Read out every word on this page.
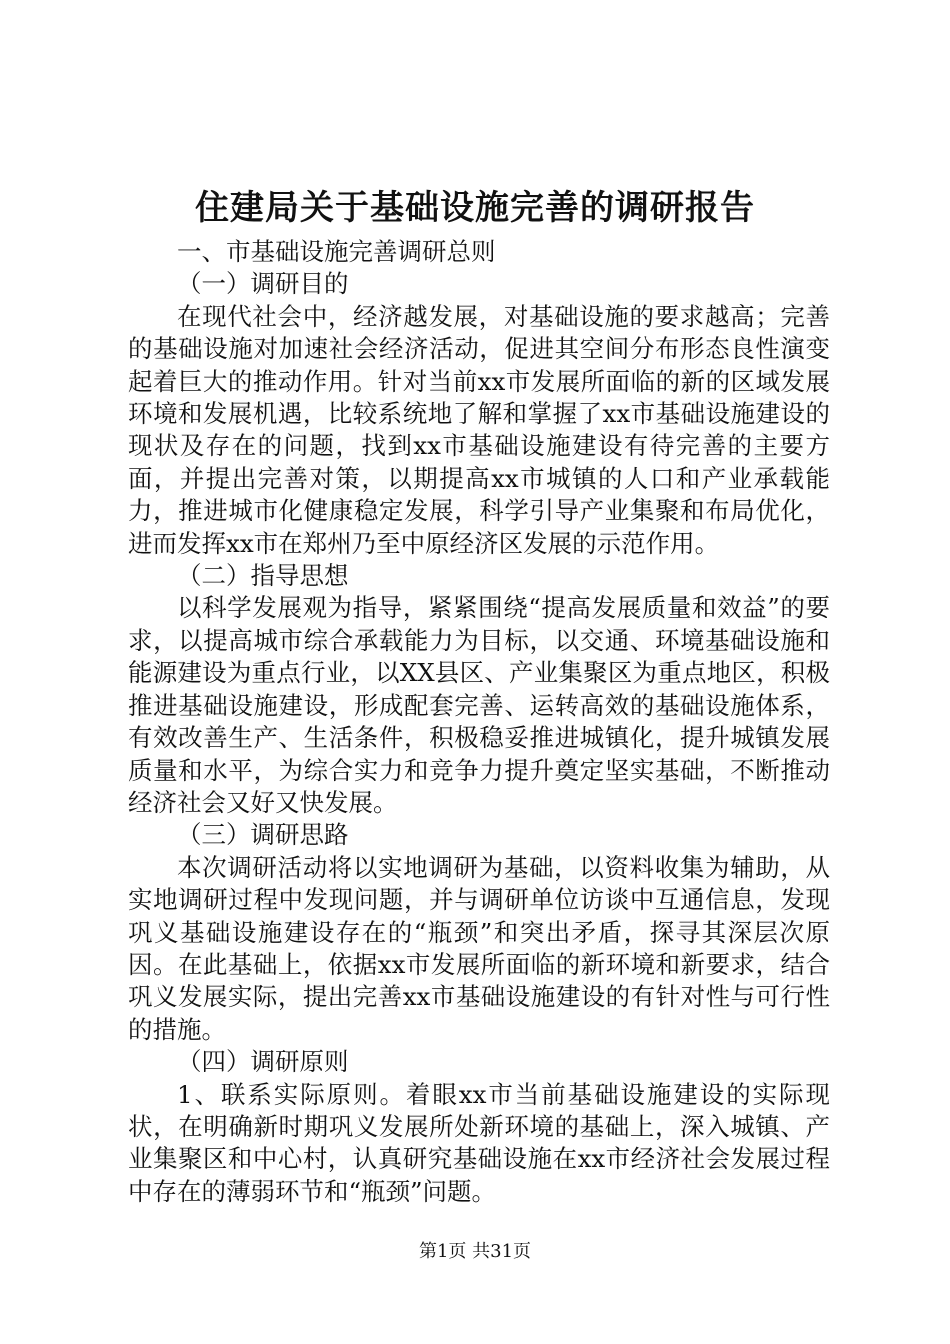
住建局关于基础设施完善的调研报告

一、市基础设施完善调研总则

（一）调研目的

在现代社会中，经济越发展，对基础设施的要求越高；完善的基础设施对加速社会经济活动，促进其空间分布形态良性演变起着巨大的推动作用。针对当前xx市发展所面临的新的区域发展环境和发展机遇，比较系统地了解和掌握了xx市基础设施建设的现状及存在的问题，找到xx市基础设施建设有待完善的主要方面，并提出完善对策，以期提高xx市城镇的人口和产业承载能力，推进城市化健康稳定发展，科学引导产业集聚和布局优化，进而发挥xx市在郑州乃至中原经济区发展的示范作用。

（二）指导思想

以科学发展观为指导，紧紧围绕“提高发展质量和效益”的要求，以提高城市综合承载能力为目标，以交通、环境基础设施和能源建设为重点行业，以XX县区、产业集聚区为重点地区，积极推进基础设施建设，形成配套完善、运转高效的基础设施体系，有效改善生产、生活条件，积极稳妥推进城镇化，提升城镇发展质量和水平，为综合实力和竞争力提升奠定坚实基础，不断推动经济社会又好又快发展。

（三）调研思路

本次调研活动将以实地调研为基础，以资料收集为辅助，从实地调研过程中发现问题，并与调研单位访谈中互通信息，发现巩义基础设施建设存在的“瓶颈”和突出矛盾，探寻其深层次原因。在此基础上，依据xx市发展所面临的新环境和新要求，结合巩义发展实际，提出完善xx市基础设施建设的有针对性与可行性的措施。

（四）调研原则

1、联系实际原则。着眼xx市当前基础设施建设的实际现状，在明确新时期巩义发展所处新环境的基础上，深入城镇、产业集聚区和中心村，认真研究基础设施在xx市经济社会发展过程中存在的薄弱环节和“瓶颈”问题。

第1页 共31页
